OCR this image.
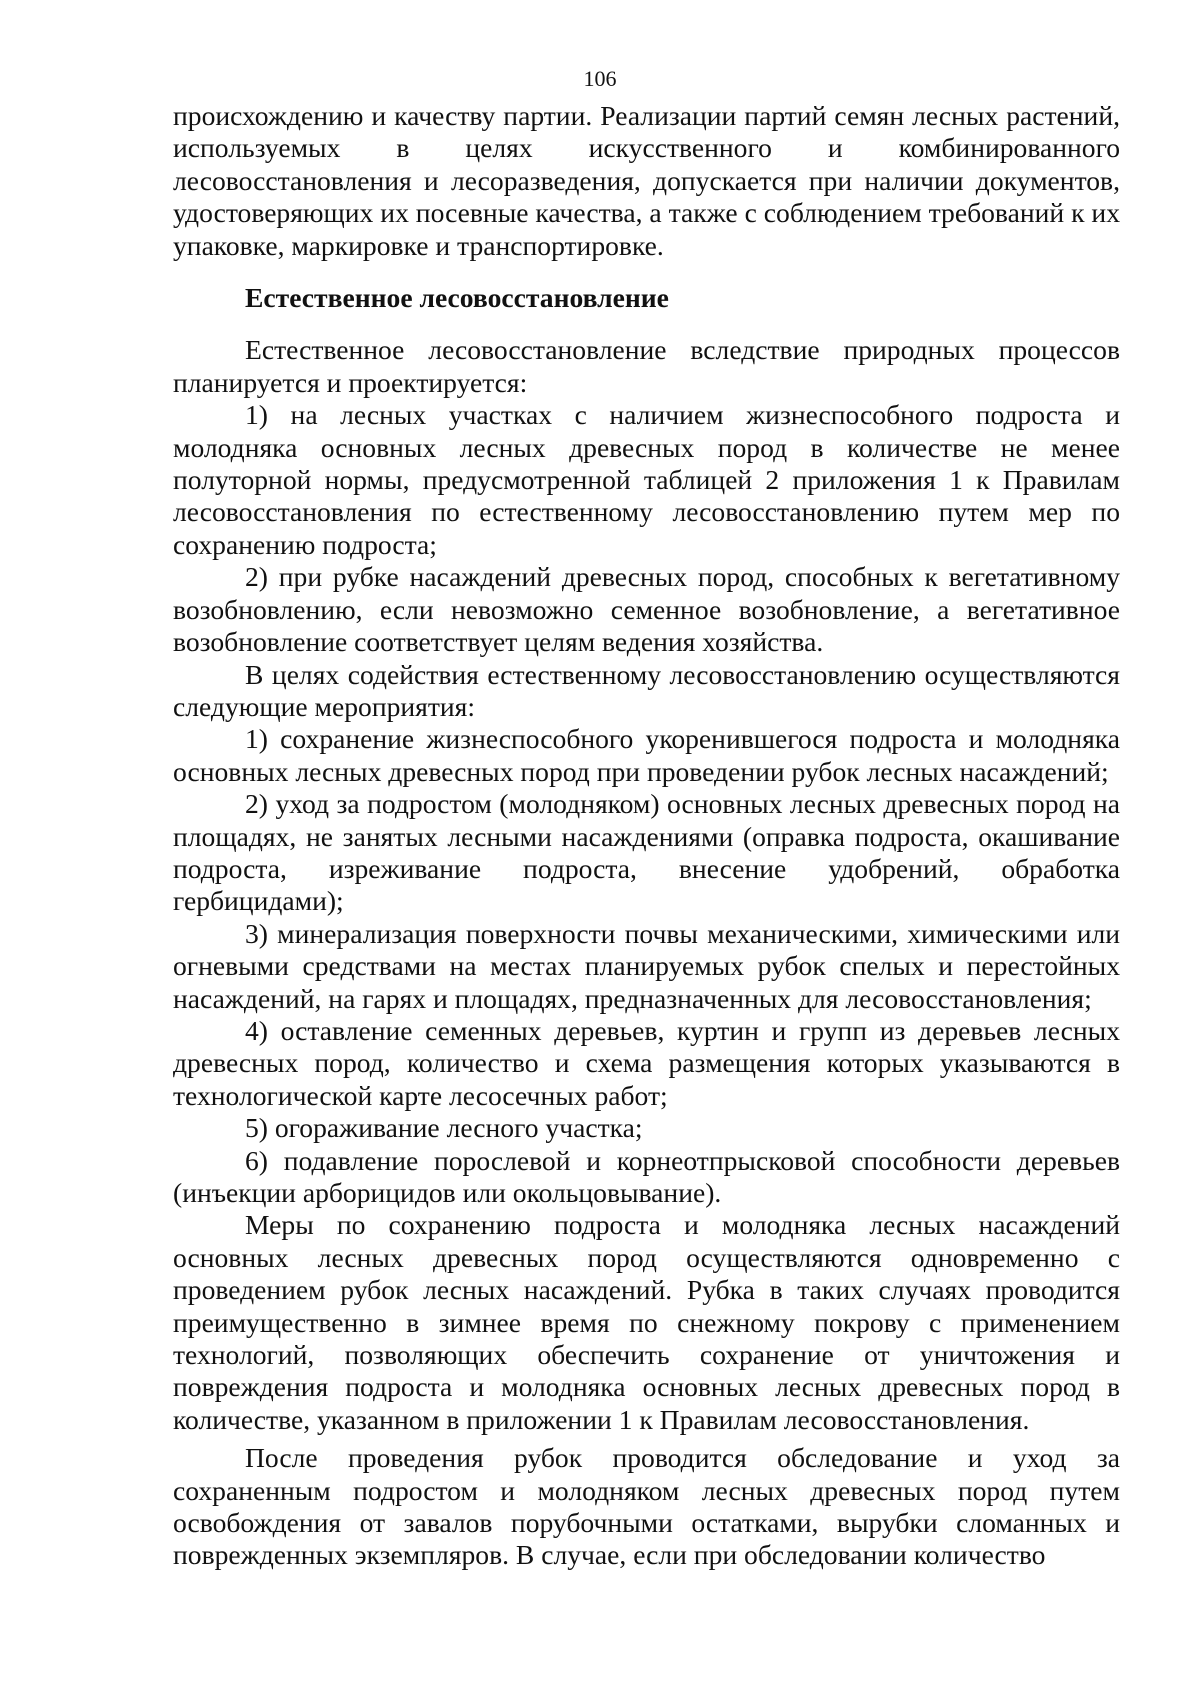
106

происхождению и качеству партии. Реализации партий семян лесных растений, используемых в целях искусственного и комбинированного лесовосстановления и лесоразведения, допускается при наличии документов, удостоверяющих их посевные качества, а также с соблюдением требований к их упаковке, маркировке и транспортировке.

Естественное лесовосстановление

Естественное лесовосстановление вследствие природных процессов планируется и проектируется:

1) на лесных участках с наличием жизнеспособного подроста и молодняка основных лесных древесных пород в количестве не менее полуторной нормы, предусмотренной таблицей 2 приложения 1 к Правилам лесовосстановления по естественному лесовосстановлению путем мер по сохранению подроста;

2) при рубке насаждений древесных пород, способных к вегетативному возобновлению, если невозможно семенное возобновление, а вегетативное возобновление соответствует целям ведения хозяйства.

В целях содействия естественному лесовосстановлению осуществляются следующие мероприятия:

1) сохранение жизнеспособного укоренившегося подроста и молодняка основных лесных древесных пород при проведении рубок лесных насаждений;

2) уход за подростом (молодняком) основных лесных древесных пород на площадях, не занятых лесными насаждениями (оправка подроста, окашивание подроста, изреживание подроста, внесение удобрений, обработка гербицидами);

3) минерализация поверхности почвы механическими, химическими или огневыми средствами на местах планируемых рубок спелых и перестойных насаждений, на гарях и площадях, предназначенных для лесовосстановления;

4) оставление семенных деревьев, куртин и групп из деревьев лесных древесных пород, количество и схема размещения которых указываются в технологической карте лесосечных работ;

5) огораживание лесного участка;

6) подавление порослевой и корнеотпрысковой способности деревьев (инъекции арборицидов или окольцовывание).

Меры по сохранению подроста и молодняка лесных насаждений основных лесных древесных пород осуществляются одновременно с проведением рубок лесных насаждений. Рубка в таких случаях проводится преимущественно в зимнее время по снежному покрову с применением технологий, позволяющих обеспечить сохранение от уничтожения и повреждения подроста и молодняка основных лесных древесных пород в количестве, указанном в приложении 1 к Правилам лесовосстановления.

После проведения рубок проводится обследование и уход за сохраненным подростом и молодняком лесных древесных пород путем освобождения от завалов порубочными остатками, вырубки сломанных и поврежденных экземпляров. В случае, если при обследовании количество
